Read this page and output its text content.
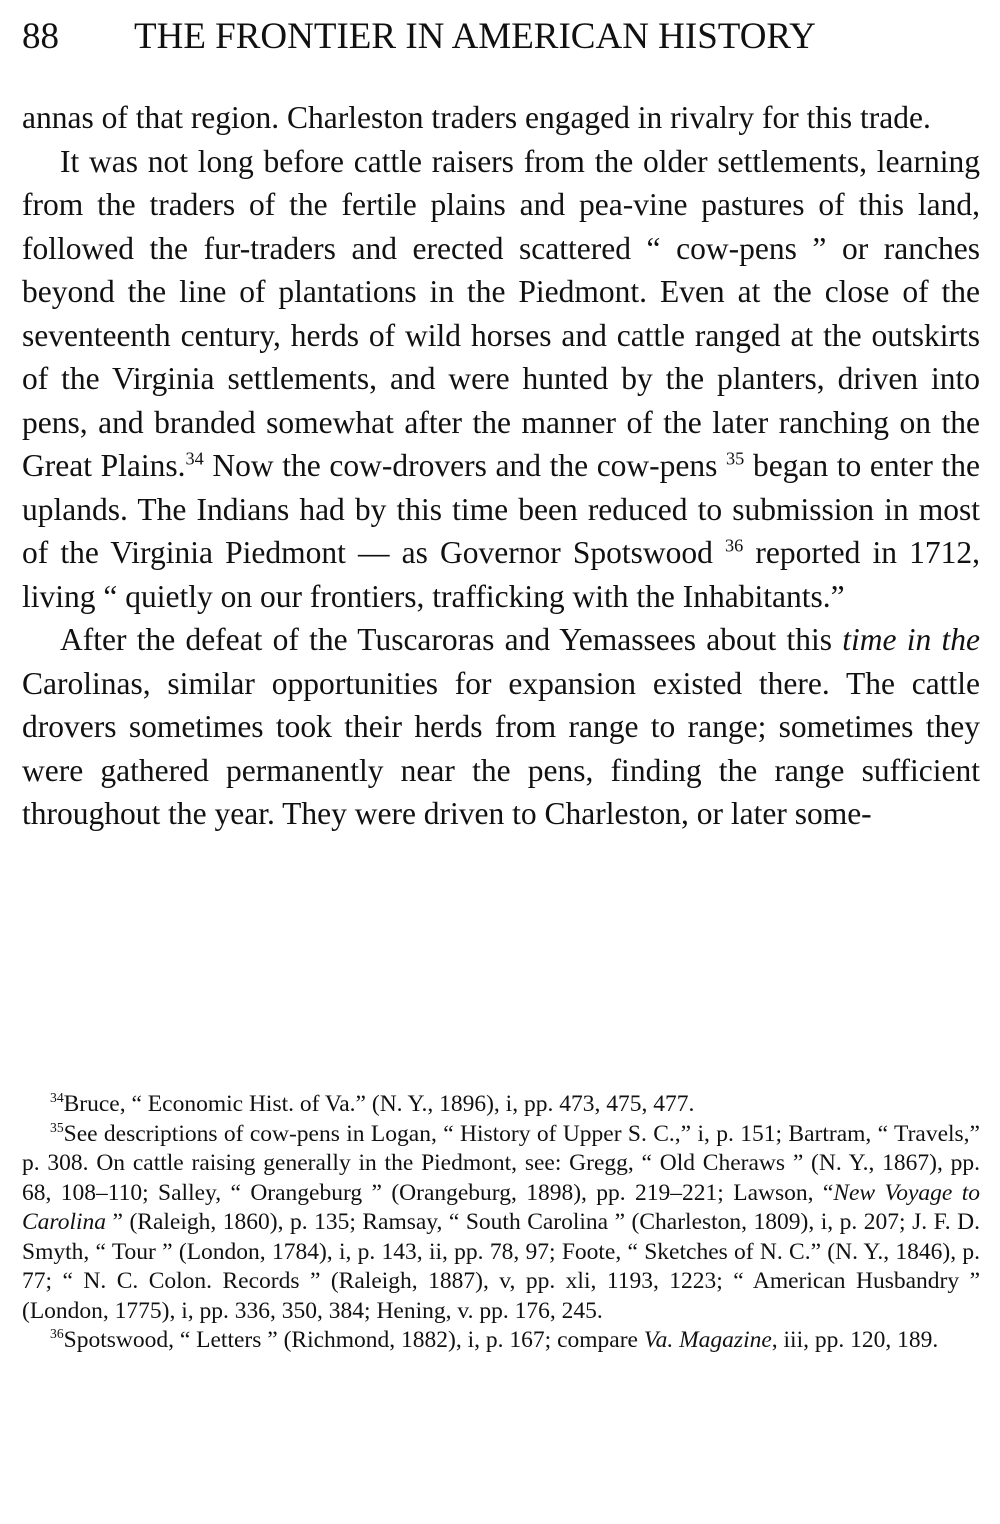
88 THE FRONTIER IN AMERICAN HISTORY

annas of that region. Charleston traders engaged in rivalry for this trade.

It was not long before cattle raisers from the older settlements, learning from the traders of the fertile plains and pea-vine pastures of this land, followed the fur-traders and erected scattered “ cow-pens ” or ranches beyond the line of plantations in the Piedmont. Even at the close of the seventeenth century, herds of wild horses and cattle ranged at the outskirts of the Virginia settlements, and were hunted by the planters, driven into pens, and branded somewhat after the manner of the later ranching on the Great Plains.$^{34}$ Now the cow-drovers and the cow-pens $^{35}$ began to enter the uplands. The Indians had by this time been reduced to submission in most of the Virginia Piedmont — as Governor Spotswood $^{36}$ reported in 1712, living “ quietly on our frontiers, trafficking with the Inhabitants.”

After the defeat of the Tuscaroras and Yemassees about this time in the Carolinas, similar opportunities for expansion existed there. The cattle drovers sometimes took their herds from range to range; sometimes they were gathered permanently near the pens, finding the range sufficient throughout the year. They were driven to Charleston, or later some-

$^{34}$Bruce, “ Economic Hist. of Va.” (N. Y., 1896), i, pp. 473, 475, 477.

$^{35}$See descriptions of cow-pens in Logan, “ History of Upper S. C.,” i, p. 151; Bartram, “ Travels,” p. 308. On cattle raising generally in the Piedmont, see: Gregg, “ Old Cheraws ” (N. Y., 1867), pp. 68, 108–110; Salley, “ Orangeburg ” (Orangeburg, 1898), pp. 219–221; Lawson, “New Voyage to Carolina ” (Raleigh, 1860), p. 135; Ramsay, “ South Carolina ” (Charleston, 1809), i, p. 207; J. F. D. Smyth, “ Tour ” (London, 1784), i, p. 143, ii, pp. 78, 97; Foote, “ Sketches of N. C.” (N. Y., 1846), p. 77; “ N. C. Colon. Records ” (Raleigh, 1887), v, pp. xli, 1193, 1223; “ American Husbandry ” (London, 1775), i, pp. 336, 350, 384; Hening, v. pp. 176, 245.

$^{36}$Spotswood, “ Letters ” (Richmond, 1882), i, p. 167; compare Va. Magazine, iii, pp. 120, 189.
